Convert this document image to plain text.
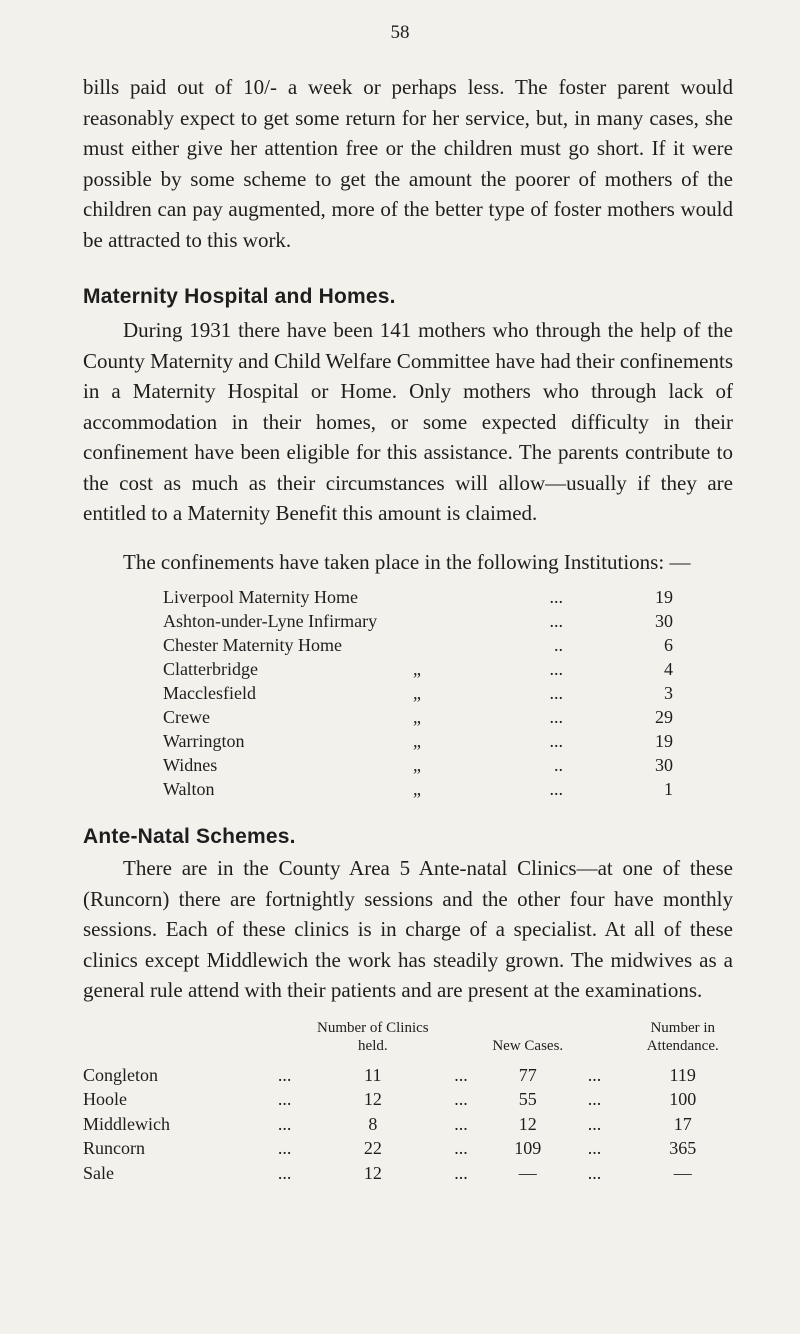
58

bills paid out of 10/- a week or perhaps less. The foster parent would reasonably expect to get some return for her service, but, in many cases, she must either give her attention free or the children must go short. If it were possible by some scheme to get the amount the poorer of mothers of the children can pay augmented, more of the better type of foster mothers would be attracted to this work.

Maternity Hospital and Homes.

During 1931 there have been 141 mothers who through the help of the County Maternity and Child Welfare Committee have had their confinements in a Maternity Hospital or Home. Only mothers who through lack of accommodation in their homes, or some expected difficulty in their confinement have been eligible for this assistance. The parents contribute to the cost as much as their circumstances will allow—usually if they are entitled to a Maternity Benefit this amount is claimed.

The confinements have taken place in the following Institutions: —

Liverpool Maternity Home		...	19
Ashton-under-Lyne Infirmary		...	30
Chester Maternity Home		..	6
Clatterbridge	„	...	4
Macclesfield	„	...	3
Crewe	„	...	29
Warrington	„	...	19
Widnes	„	..	30
Walton	„	...	1
Ante-Natal Schemes.

There are in the County Area 5 Ante-natal Clinics—at one of these (Runcorn) there are fortnightly sessions and the other four have monthly sessions. Each of these clinics is in charge of a specialist. At all of these clinics except Middlewich the work has steadily grown. The midwives as a general rule attend with their patients and are present at the examinations.

		Number of Clinics held.		New Cases.		Number in Attendance.
Congleton	...	11	...	77	...	119
Hoole	...	12	...	55	...	100
Middlewich	...	8	...	12	...	17
Runcorn	...	22	...	109	...	365
Sale	...	12	...	—	...	—
